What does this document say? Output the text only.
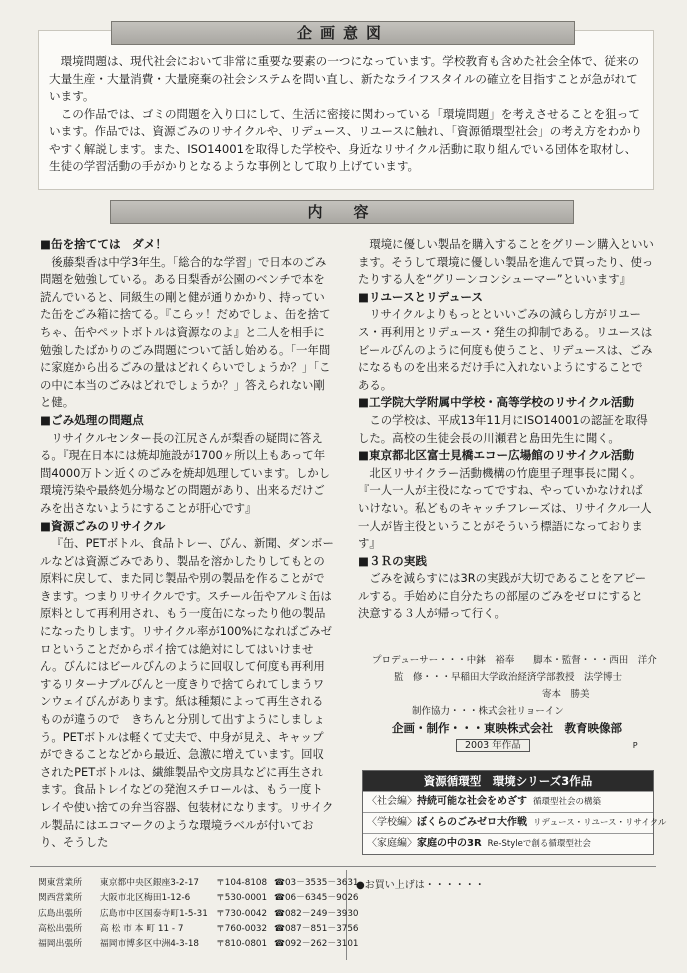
企画意図

環境問題は、現代社会において非常に重要な要素の一つになっています。学校教育も含めた社会全体で、従来の大量生産・大量消費・大量廃棄の社会システムを問い直し、新たなライフスタイルの確立を目指すことが急がれています。

この作品では、ゴミの問題を入り口にして、生活に密接に関わっている「環境問題」を考えさせることを狙っています。作品では、資源ごみのリサイクルや、リデュース、リユースに触れ、「資源循環型社会」の考え方をわかりやすく解説します。また、ISO14001を取得した学校や、身近なリサイクル活動に取り組んでいる団体を取材し、生徒の学習活動の手がかりとなるような事例として取り上げています。

内　容
■ 缶を捨てては　ダメ！

後藤梨香は中学3年生。「総合的な学習」で日本のごみ問題を勉強している。ある日梨香が公園のベンチで本を読んでいると、同級生の剛と健が通りかかり、持っていた缶をごみ箱に捨てる。『こらッ！だめでしょ、缶を捨てちゃ、缶やペットボトルは資源なのよ』と二人を相手に勉強したばかりのごみ問題について話し始める。「一年間に家庭から出るごみの量はどれくらいでしょうか？」「この中に本当のごみはどれでしょうか？」答えられない剛と健。

■ ごみ処理の問題点

リサイクルセンター長の江尻さんが梨香の疑問に答える。『現在日本には焼却施設が1700ヶ所以上もあって年間4000万トン近くのごみを焼却処理しています。しかし環境汚染や最終処分場などの問題があり、出来るだけごみを出さないようにすることが肝心です』

■ 資源ごみのリサイクル

『缶、PETボトル、食品トレー、びん、新聞、ダンボールなどは資源ごみであり、製品を溶かしたりしてもとの原料に戻して、また同じ製品や別の製品を作ることができます。つまりリサイクルです。スチール缶やアルミ缶は原料として再利用され、もう一度缶になったり他の製品になったりします。リサイクル率が100%になればごみゼロということだからポイ捨ては絶対にしてはいけません。びんにはビールびんのように回収して何度も再利用するリターナブルびんと一度きりで捨てられてしまうワンウェイびんがあります。紙は種類によって再生されるものが違うので　きちんと分別して出すようにしましょう。PETボトルは軽くて丈夫で、中身が見え、キャップができることなどから最近、急激に増えています。回収されたPETボトルは、繊維製品や文房具などに再生されます。食品トレイなどの発泡スチロールは、もう一度トレイや使い捨ての弁当容器、包装材になります。リサイクル製品にはエコマークのような環境ラベルが付いており、そうした

環境に優しい製品を購入することをグリーン購入といいます。そうして環境に優しい製品を進んで買ったり、使ったりする人を“グリーンコンシューマー”といいます』

■ リユースとリデュース

リサイクルよりもっとといいごみの減らし方がリユース・再利用とリデュース・発生の抑制である。リユースはビールびんのように何度も使うこと、リデュースは、ごみになるものを出来るだけ手に入れないようにすることである。

■ 工学院大学附属中学校・高等学校のリサイクル活動

この学校は、平成13年11月にISO14001の認証を取得した。高校の生徒会長の川瀬君と島田先生に聞く。

■ 東京都北区富士見橋エコー広場館のリサイクル活動

北区リサイクラー活動機構の竹鹿里子理事長に聞く。『一人一人が主役になってですね、やっていかなければいけない。私どものキャッチフレーズは、リサイクル一人一人が皆主役ということがそういう標語になっております』

■ ３Ｒの実践

ごみを減らすには3Rの実践が大切であることをアピールする。手始めに自分たちの部屋のごみをゼロにすると決意する３人が帰って行く。

プロデューサー・・・中鉢　裕奉　　脚本・監督・・・西田　洋介
監　修・・・早稲田大学政治経済学部教授　法学博士
寄本　勝美
制作協力・・・株式会社リョーイン
企画・制作・・・東映株式会社　教育映像部
2003 年作品	P
資源循環型　環境シリーズ3作品
〈社会編〉持続可能な社会をめざす 循環型社会の構築
〈学校編〉ぼくらのごみゼロ大作戦 リデュース・リユース・リサイクル
〈家庭編〉家庭の中の3R Re-Styleで創る循環型社会
関東営業所	東京都中央区銀座3-2-17	〒104-8108 ☎03－3535－3631
関西営業所	大阪市北区梅田1-12-6	〒530-0001 ☎06－6345－9026
広島出張所	広島市中区国泰寺町1-5-31 〒730-0042 ☎082－249－3930
高松出張所	高 松 市 本 町 11 - 7	〒760-0032 ☎087－851－3756
福岡出張所	福岡市博多区中洲4-3-18	〒810-0801 ☎092－262－3101
●お買い上げは・・・・・・
